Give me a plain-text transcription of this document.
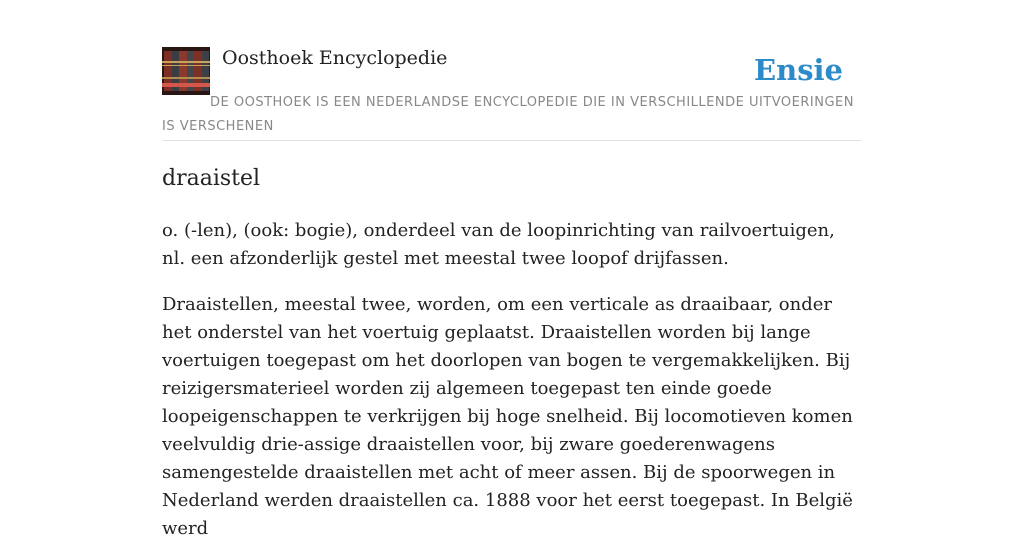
Oosthoek Encyclopedie	Ensie
DE OOSTHOEK IS EEN NEDERLANDSE ENCYCLOPEDIE DIE IN VERSCHILLENDE UITVOERINGEN IS VERSCHENEN
draaistel

o. (-len), (ook: bogie), onderdeel van de loopinrichting van railvoertuigen, nl. een afzonderlijk gestel met meestal twee loopof drijfassen.

Draaistellen, meestal twee, worden, om een verticale as draaibaar, onder het onderstel van het voertuig geplaatst. Draaistellen worden bij lange voertuigen toegepast om het doorlopen van bogen te vergemakkelijken. Bij reizigersmaterieel worden zij algemeen toegepast ten einde goede loopeigenschappen te verkrijgen bij hoge snelheid. Bij locomotieven komen veelvuldig drie-assige draaistellen voor, bij zware goederenwagens samengestelde draaistellen met acht of meer assen. Bij de spoorwegen in Nederland werden draaistellen ca. 1888 voor het eerst toegepast. In België werd
